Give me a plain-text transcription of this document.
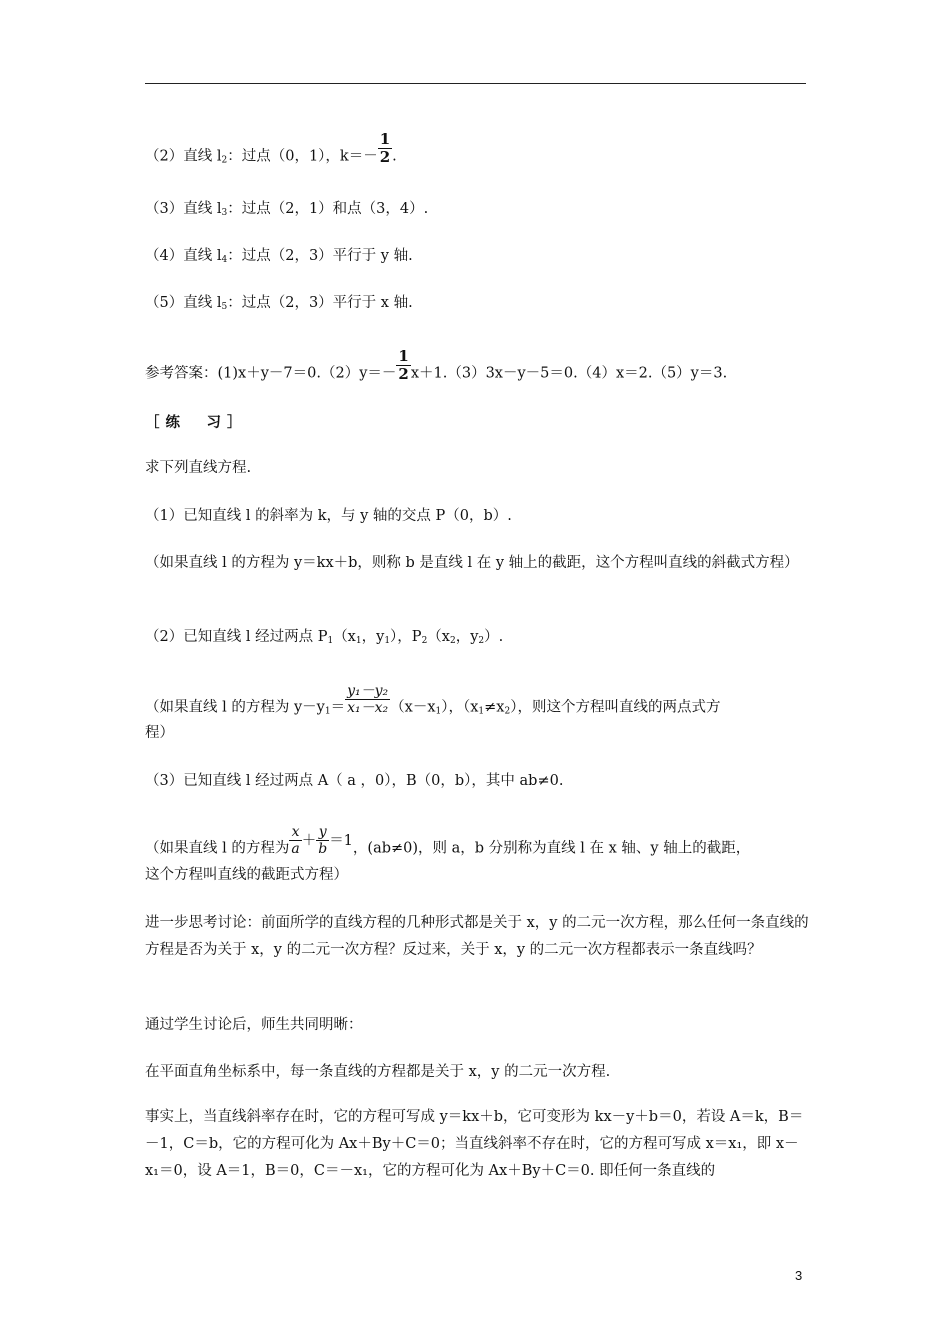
（2）直线 $l_2$：过点（0，1），$k=- \frac{1}{2}$ .
（3）直线 $l_3$：过点（2，1）和点（3，4）.
（4）直线 $l_4$：过点（2，3）平行于 y 轴.
（5）直线 $l_5$：过点（2，3）平行于 x 轴.
参考答案：$(1)x+y-7=0.(2)y=- \frac{1}{2} x+1.(3)3x-y-5=0.(4)x=2.(5)y=3$.
［练　习］
求下列直线方程.
（1）已知直线 l 的斜率为 k，与 y 轴的交点 P（0，b）.
（如果直线 l 的方程为 y＝kx＋b，则称 b 是直线 l 在 y 轴上的截距，这个方程叫直线的斜截式方程）
（2）已知直线 l 经过两点 $P_1(x_1$，$y_1$），$P_2(x_2$，$y_2$）.
（如果直线 l 的方程为 $y-y_1= \frac{\text{y₁－y₂}}{\text{x₁－x₂}} (x-x_1)$，$(x_1\ne x_2)$，则这个方程叫直线的两点式方
程）
（3）已知直线 l 经过两点 A（ a ，0），B（0，b），其中 ab≠0.
（如果直线 l 的方程为 $\frac{x}{a} + \frac{y}{b} =1$，(ab≠0)，则 a，b 分别称为直线 l 在 x 轴、y 轴上的截距，
这个方程叫直线的截距式方程）
进一步思考讨论：前面所学的直线方程的几种形式都是关于 x，y 的二元一次方程，那么任何一条直线的方程是否为关于 x，y 的二元一次方程？反过来，关于 x，y 的二元一次方程都表示一条直线吗？
通过学生讨论后，师生共同明晰：
在平面直角坐标系中，每一条直线的方程都是关于 x，y 的二元一次方程.
事实上，当直线斜率存在时，它的方程可写成 y＝kx＋b，它可变形为 kx－y＋b＝0，若设 A＝k，B＝－1，C＝b，它的方程可化为 Ax＋By＋C＝0；当直线斜率不存在时，它的方程可写成 x＝x₁，即 x－x₁＝0，设 A＝1，B＝0，C＝－x₁，它的方程可化为 Ax＋By＋C＝0. 即任何一条直线的
3
